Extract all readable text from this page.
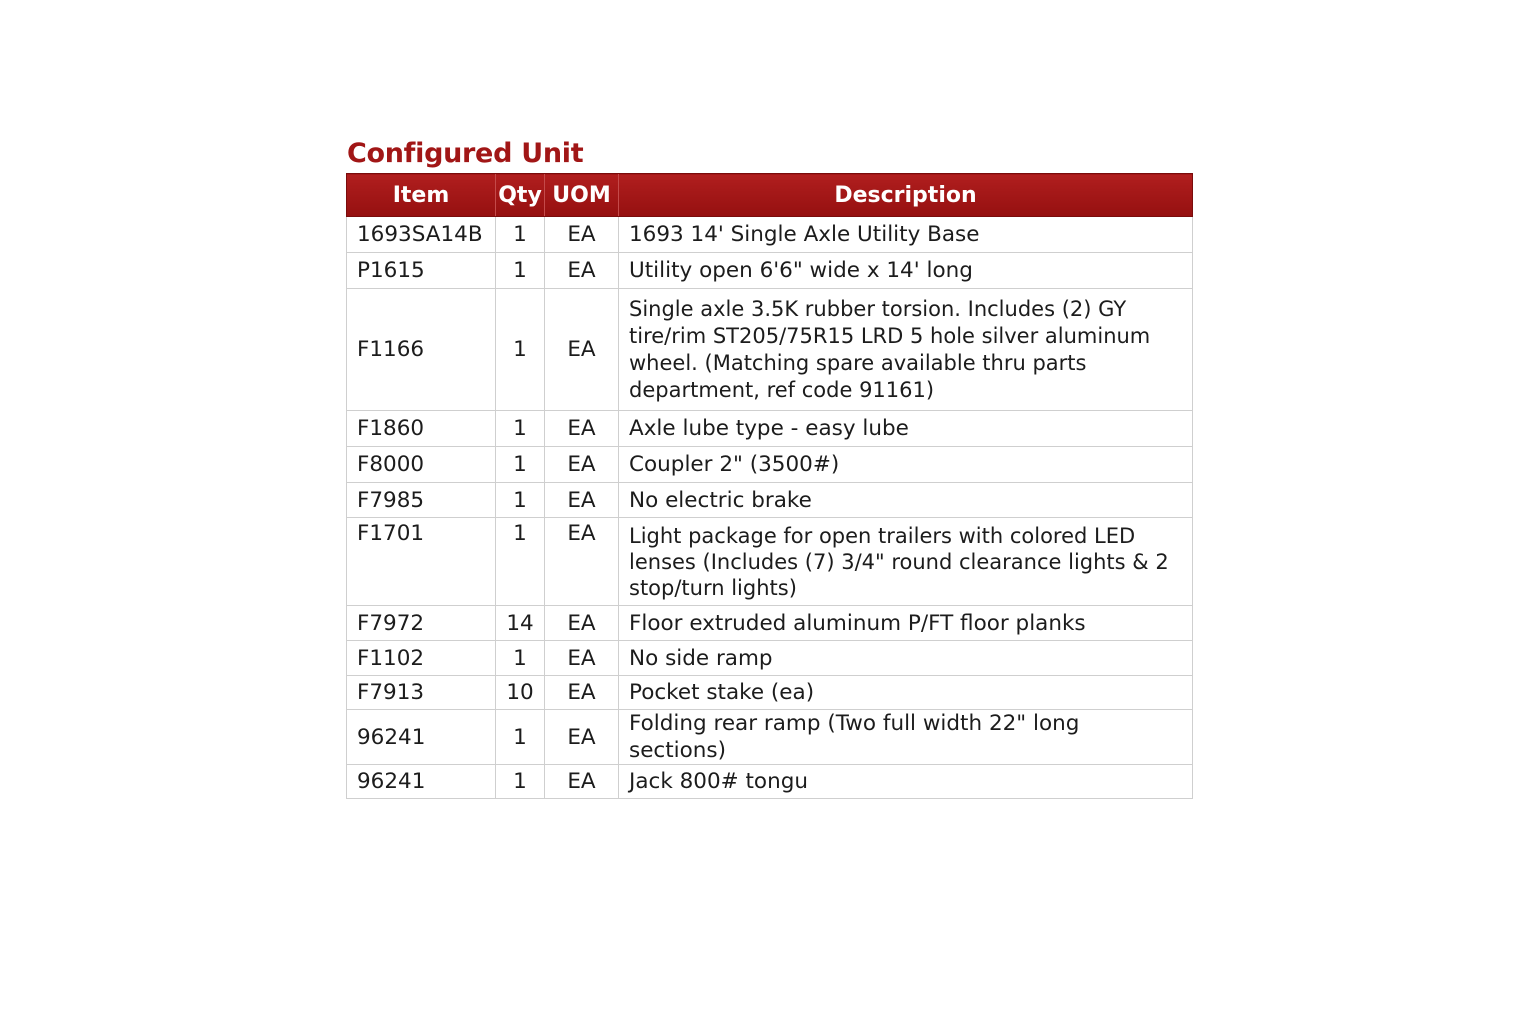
Configured Unit
Item	Qty	UOM	Description
1693SA14B	1	EA	1693 14' Single Axle Utility Base
P1615	1	EA	Utility open 6'6" wide x 14' long
F1166	1	EA	Single axle 3.5K rubber torsion. Includes (2) GY tire/rim ST205/75R15 LRD 5 hole silver aluminum wheel. (Matching spare available thru parts department, ref code 91161)
F1860	1	EA	Axle lube type - easy lube
F8000	1	EA	Coupler 2" (3500#)
F7985	1	EA	No electric brake
F1701	1	EA	Light package for open trailers with colored LED lenses (Includes (7) 3/4" round clearance lights & 2 stop/turn lights)
F7972	14	EA	Floor extruded aluminum P/FT floor planks
F1102	1	EA	No side ramp
F7913	10	EA	Pocket stake (ea)
96241	1	EA	Folding rear ramp (Two full width 22" long sections)
96241	1	EA	Jack 800# tongu
